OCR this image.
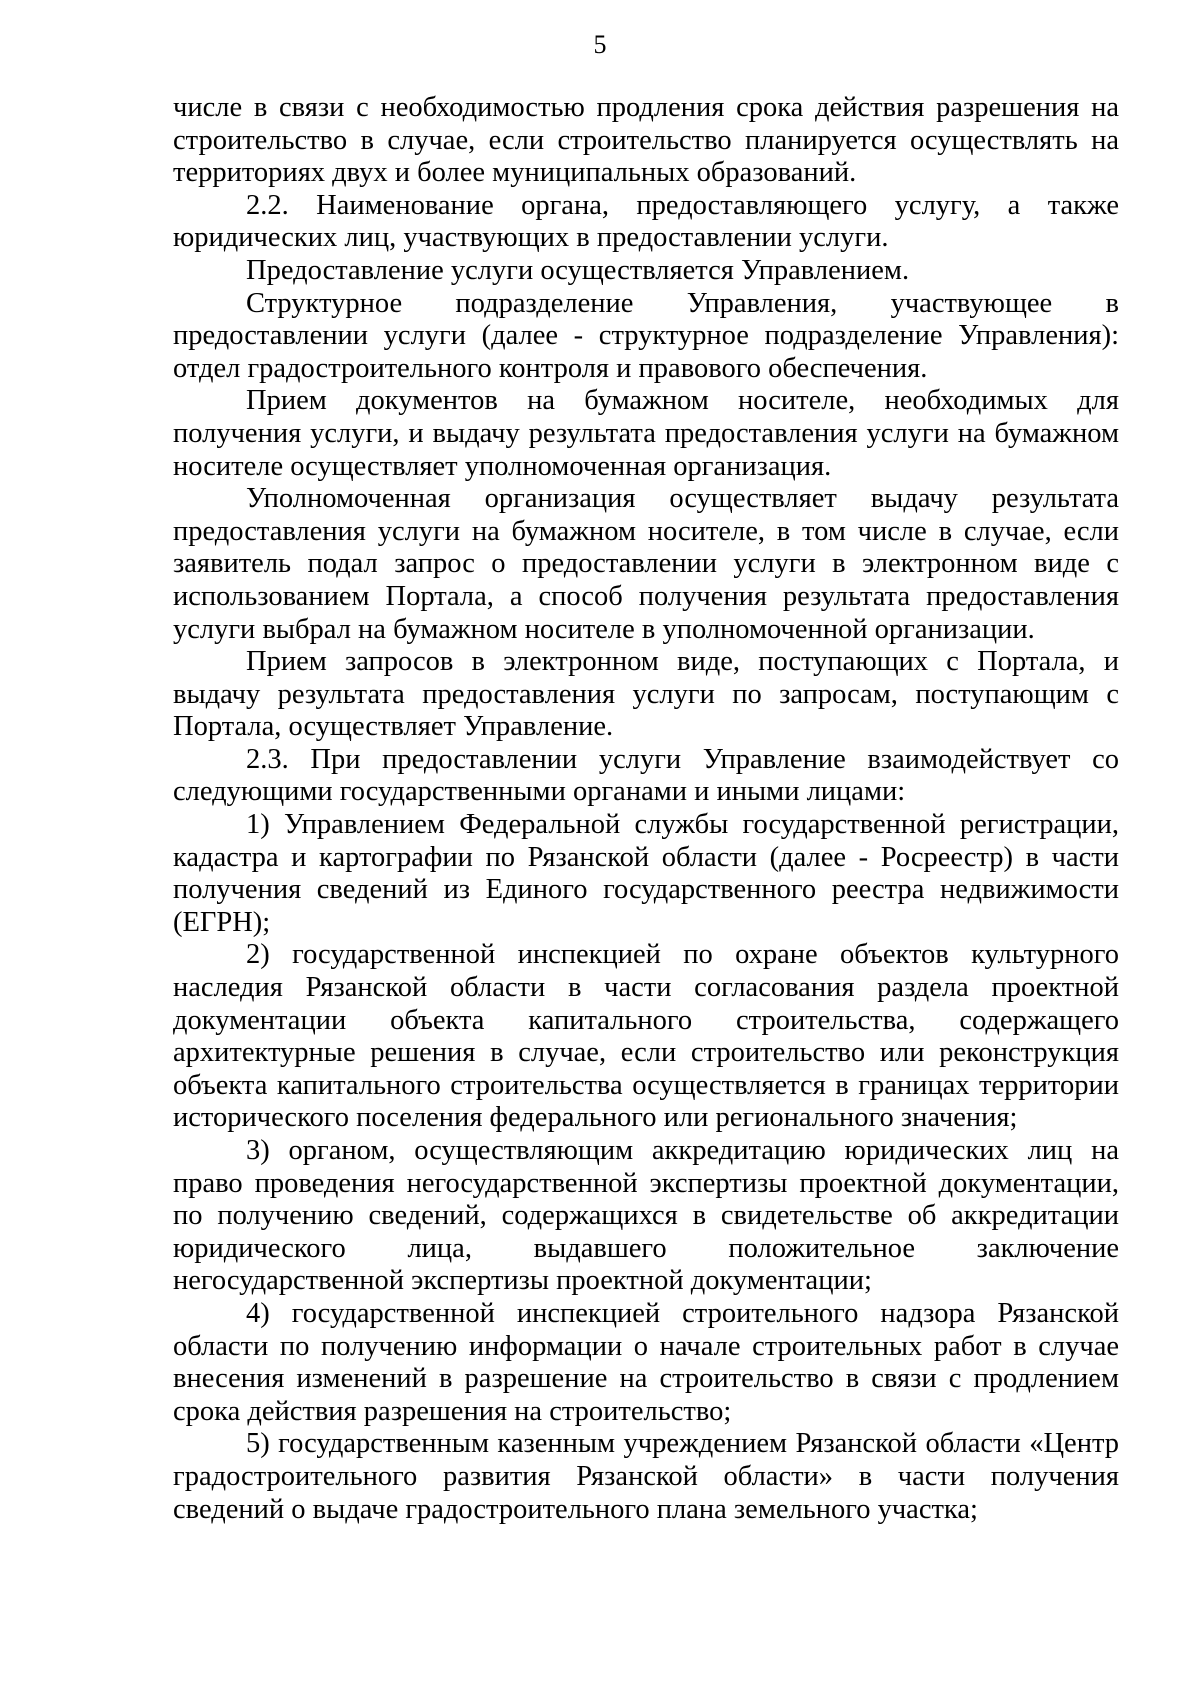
5

числе в связи с необходимостью продления срока действия разрешения на строительство в случае, если строительство планируется осуществлять на территориях двух и более муниципальных образований.

2.2. Наименование органа, предоставляющего услугу, а также юридических лиц, участвующих в предоставлении услуги.

Предоставление услуги осуществляется Управлением.

Структурное подразделение Управления, участвующее в предоставлении услуги (далее - структурное подразделение Управления): отдел градостроительного контроля и правового обеспечения.

Прием документов на бумажном носителе, необходимых для получения услуги, и выдачу результата предоставления услуги на бумажном носителе осуществляет уполномоченная организация.

Уполномоченная организация осуществляет выдачу результата предоставления услуги на бумажном носителе, в том числе в случае, если заявитель подал запрос о предоставлении услуги в электронном виде с использованием Портала, а способ получения результата предоставления услуги выбрал на бумажном носителе в уполномоченной организации.

Прием запросов в электронном виде, поступающих с Портала, и выдачу результата предоставления услуги по запросам, поступающим с Портала, осуществляет Управление.

2.3. При предоставлении услуги Управление взаимодействует со следующими государственными органами и иными лицами:

1) Управлением Федеральной службы государственной регистрации, кадастра и картографии по Рязанской области (далее - Росреестр) в части получения сведений из Единого государственного реестра недвижимости (ЕГРН);

2) государственной инспекцией по охране объектов культурного наследия Рязанской области в части согласования раздела проектной документации объекта капитального строительства, содержащего архитектурные решения в случае, если строительство или реконструкция объекта капитального строительства осуществляется в границах территории исторического поселения федерального или регионального значения;

3) органом, осуществляющим аккредитацию юридических лиц на право проведения негосударственной экспертизы проектной документации, по получению сведений, содержащихся в свидетельстве об аккредитации юридического лица, выдавшего положительное заключение негосударственной экспертизы проектной документации;

4) государственной инспекцией строительного надзора Рязанской области по получению информации о начале строительных работ в случае внесения изменений в разрешение на строительство в связи с продлением срока действия разрешения на строительство;

5) государственным казенным учреждением Рязанской области «Центр градостроительного развития Рязанской области» в части получения сведений о выдаче градостроительного плана земельного участка;
